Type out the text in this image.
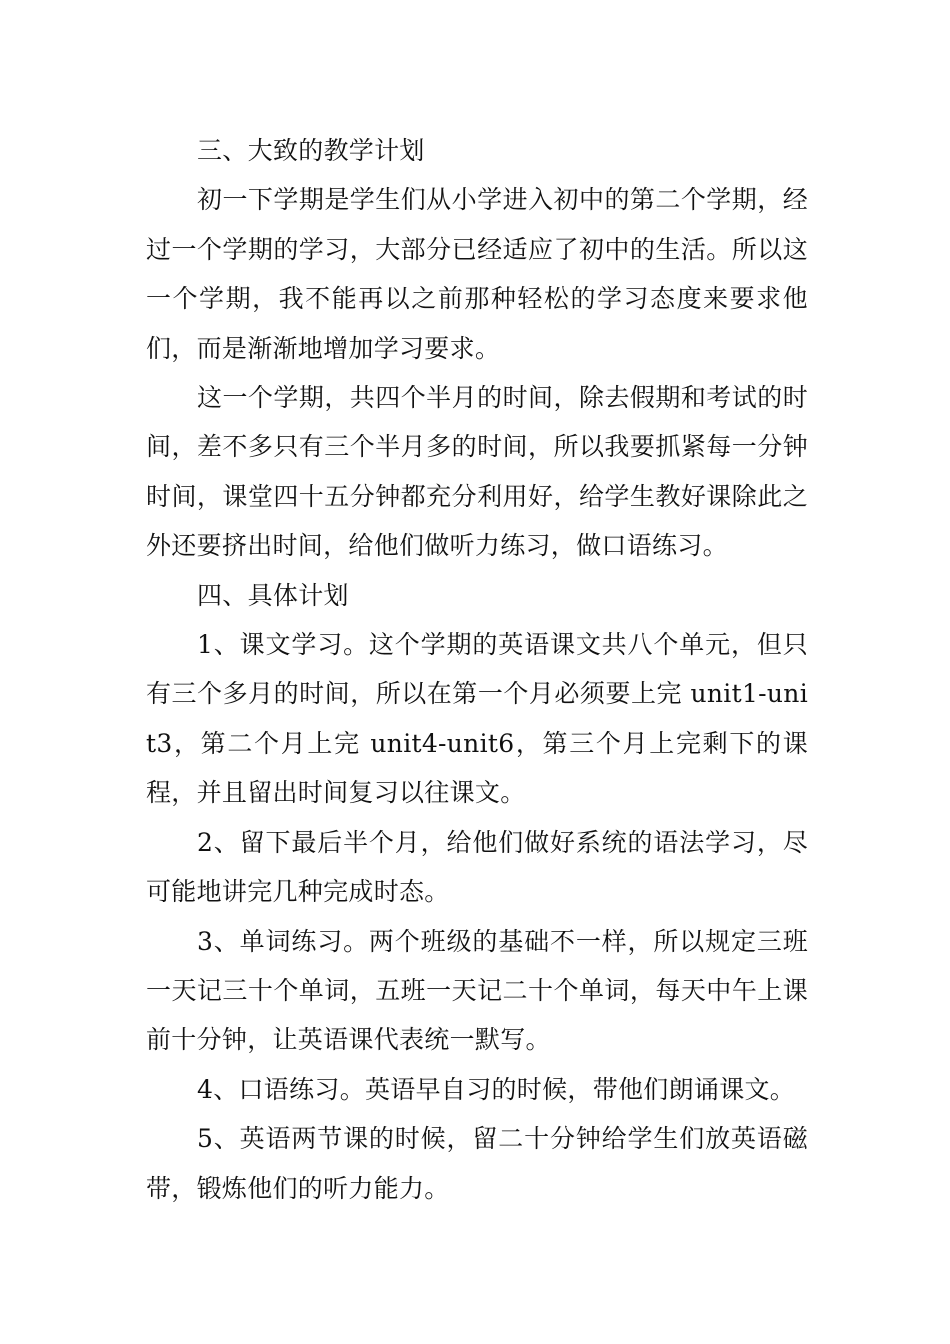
三、大致的教学计划

初一下学期是学生们从小学进入初中的第二个学期，经过一个学期的学习，大部分已经适应了初中的生活。所以这一个学期，我不能再以之前那种轻松的学习态度来要求他们，而是渐渐地增加学习要求。

这一个学期，共四个半月的时间，除去假期和考试的时间，差不多只有三个半月多的时间，所以我要抓紧每一分钟时间，课堂四十五分钟都充分利用好，给学生教好课除此之外还要挤出时间，给他们做听力练习，做口语练习。

四、具体计划

1、课文学习。这个学期的英语课文共八个单元，但只有三个多月的时间，所以在第一个月必须要上完 unit1-unit3，第二个月上完 unit4-unit6，第三个月上完剩下的课程，并且留出时间复习以往课文。

2、留下最后半个月，给他们做好系统的语法学习，尽可能地讲完几种完成时态。

3、单词练习。两个班级的基础不一样，所以规定三班一天记三十个单词，五班一天记二十个单词，每天中午上课前十分钟，让英语课代表统一默写。

4、口语练习。英语早自习的时候，带他们朗诵课文。

5、英语两节课的时候，留二十分钟给学生们放英语磁带，锻炼他们的听力能力。
